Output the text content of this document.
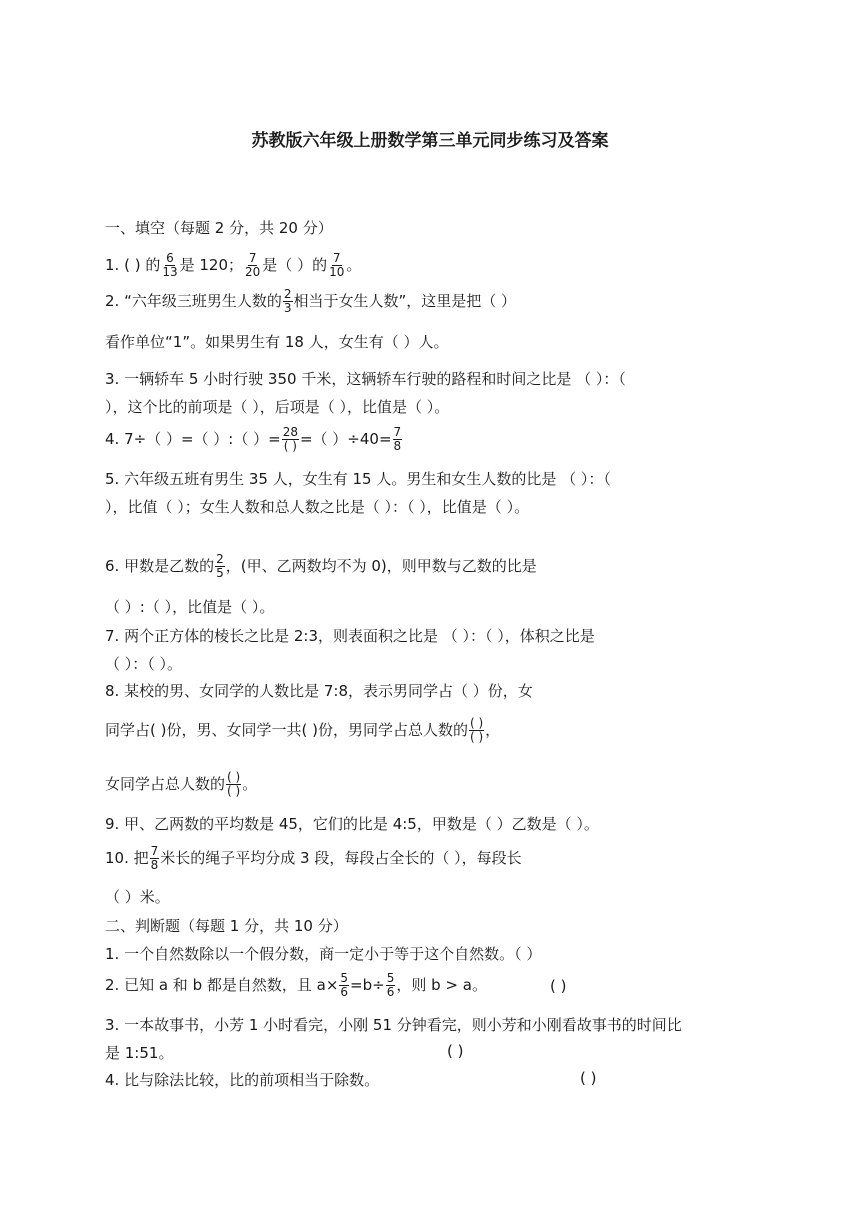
苏教版六年级上册数学第三单元同步练习及答案
一、填空（每题 2 分，共 20 分）
1. ( ) 的 $\frac{6}{13}$ 是 120； $\frac{7}{20}$ 是（ ）的 $\frac{7}{10}$ 。
2. “六年级三班男生人数的 $\frac{2}{3}$ 相当于女生人数”，这里是把（ ）
看作单位“1”。如果男生有 18 人，女生有（ ）人。
3. 一辆轿车 5 小时行驶 350 千米，这辆轿车行驶的路程和时间之比是 （ ）：（
），这个比的前项是（ ），后项是（ ），比值是（ ）。
4. 7÷（ ）=（ ）:（ ）= $\frac{28}{( )}$ =（ ）$\div 40= \frac{7}{8}$
5. 六年级五班有男生 35 人，女生有 15 人。男生和女生人数的比是 （ ）：（
），比值（ ）；女生人数和总人数之比是（ ）：（ ），比值是（ ）。
6. 甲数是乙数的 $\frac{2}{5}$ ，(甲、乙两数均不为 0)，则甲数与乙数的比是
（ ）:（ ），比值是（ ）。
7. 两个正方体的棱长之比是 2:3，则表面积之比是 （ ）：（ ），体积之比是
（ ）：（ ）。
8. 某校的男、女同学的人数比是 7:8，表示男同学占（ ）份，女
同学占( )份，男、女同学一共( )份，男同学占总人数的 $\frac{( )}{( )}$ ，
女同学占总人数的 $\frac{( )}{( )}$ 。
9. 甲、乙两数的平均数是 45，它们的比是 4:5，甲数是（ ）乙数是（ ）。
10. 把 $\frac{7}{8}$ 米长的绳子平均分成 3 段，每段占全长的（ ），每段长
（ ）米。
二、判断题（每题 1 分，共 10 分）
1. 一个自然数除以一个假分数，商一定小于等于这个自然数。（ ）
2. 已知 a 和 b 都是自然数，且 $a\times \frac{5}{6} =b\div \frac{5}{6}$ ，则 b > a。	( )
3. 一本故事书，小芳 1 小时看完，小刚 51 分钟看完，则小芳和小刚看故事书的时间比
是 1:51。	( )
4. 比与除法比较，比的前项相当于除数。	( )
